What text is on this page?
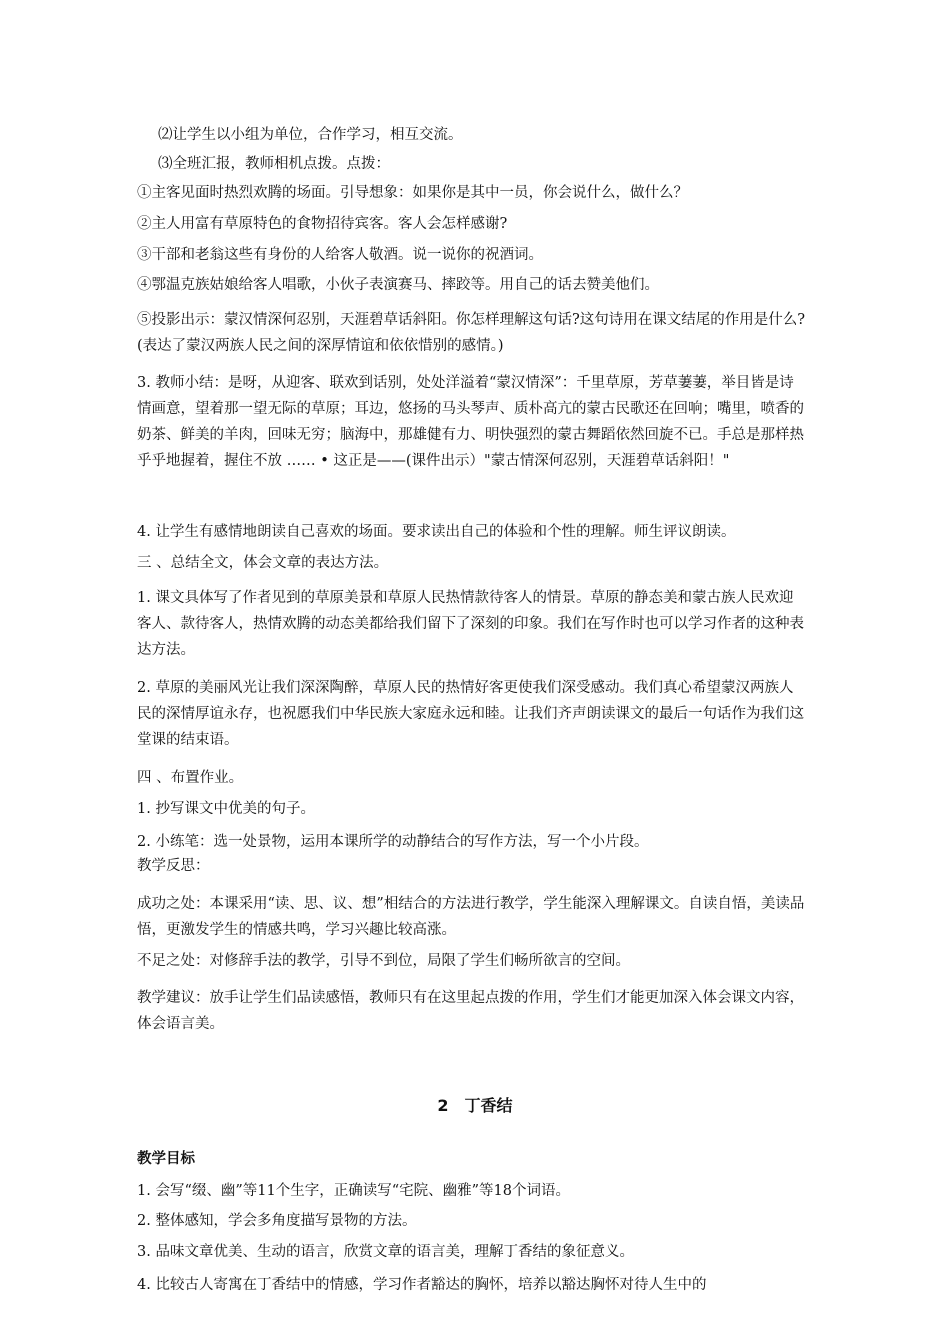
⑵让学生以小组为单位，合作学习，相互交流。
⑶全班汇报，教师相机点拨。点拨：
①主客见面时热烈欢腾的场面。引导想象：如果你是其中一员，你会说什么，做什么？
②主人用富有草原特色的食物招待宾客。客人会怎样感谢?
③干部和老翁这些有身份的人给客人敬酒。说一说你的祝酒词。
④鄂温克族姑娘给客人唱歌，小伙子表演赛马、摔跤等。用自己的话去赞美他们。
⑤投影出示：蒙汉情深何忍别，天涯碧草话斜阳。你怎样理解这句话?这句诗用在课文结尾的作用是什么?(表达了蒙汉两族人民之间的深厚情谊和依依惜别的感情。)
3. 教师小结：是呀，从迎客、联欢到话别，处处洋溢着“蒙汉情深”：千里草原，芳草萋萋，举目皆是诗情画意，望着那一望无际的草原；耳边，悠扬的马头琴声、质朴高亢的蒙古民歌还在回响；嘴里，喷香的奶茶、鲜美的羊肉，回味无穷；脑海中，那雄健有力、明快强烈的蒙古舞蹈依然回旋不已。手总是那样热乎乎地握着，握住不放 …… • 这正是——(课件出示）"蒙古情深何忍别，天涯碧草话斜阳！"
4. 让学生有感情地朗读自己喜欢的场面。要求读出自己的体验和个性的理解。师生评议朗读。
三 、总结全文，体会文章的表达方法。
1. 课文具体写了作者见到的草原美景和草原人民热情款待客人的情景。草原的静态美和蒙古族人民欢迎客人、款待客人，热情欢腾的动态美都给我们留下了深刻的印象。我们在写作时也可以学习作者的这种表达方法。
2. 草原的美丽风光让我们深深陶醉，草原人民的热情好客更使我们深受感动。我们真心希望蒙汉两族人民的深情厚谊永存，也祝愿我们中华民族大家庭永远和睦。让我们齐声朗读课文的最后一句话作为我们这堂课的结束语。
四 、布置作业。
1. 抄写课文中优美的句子。
2. 小练笔：选一处景物，运用本课所学的动静结合的写作方法，写一个小片段。
教学反思：
成功之处：本课采用“读、思、议、想”相结合的方法进行教学，学生能深入理解课文。自读自悟，美读品悟，更激发学生的情感共鸣，学习兴趣比较高涨。
不足之处：对修辞手法的教学，引导不到位，局限了学生们畅所欲言的空间。
教学建议：放手让学生们品读感悟，教师只有在这里起点拨的作用，学生们才能更加深入体会课文内容，体会语言美。
2　丁香结
教学目标
1. 会写“缀、幽”等11个生字，正确读写“宅院、幽雅”等18个词语。
2. 整体感知，学会多角度描写景物的方法。
3. 品味文章优美、生动的语言，欣赏文章的语言美，理解丁香结的象征意义。
4. 比较古人寄寓在丁香结中的情感，学习作者豁达的胸怀，培养以豁达胸怀对待人生中的
